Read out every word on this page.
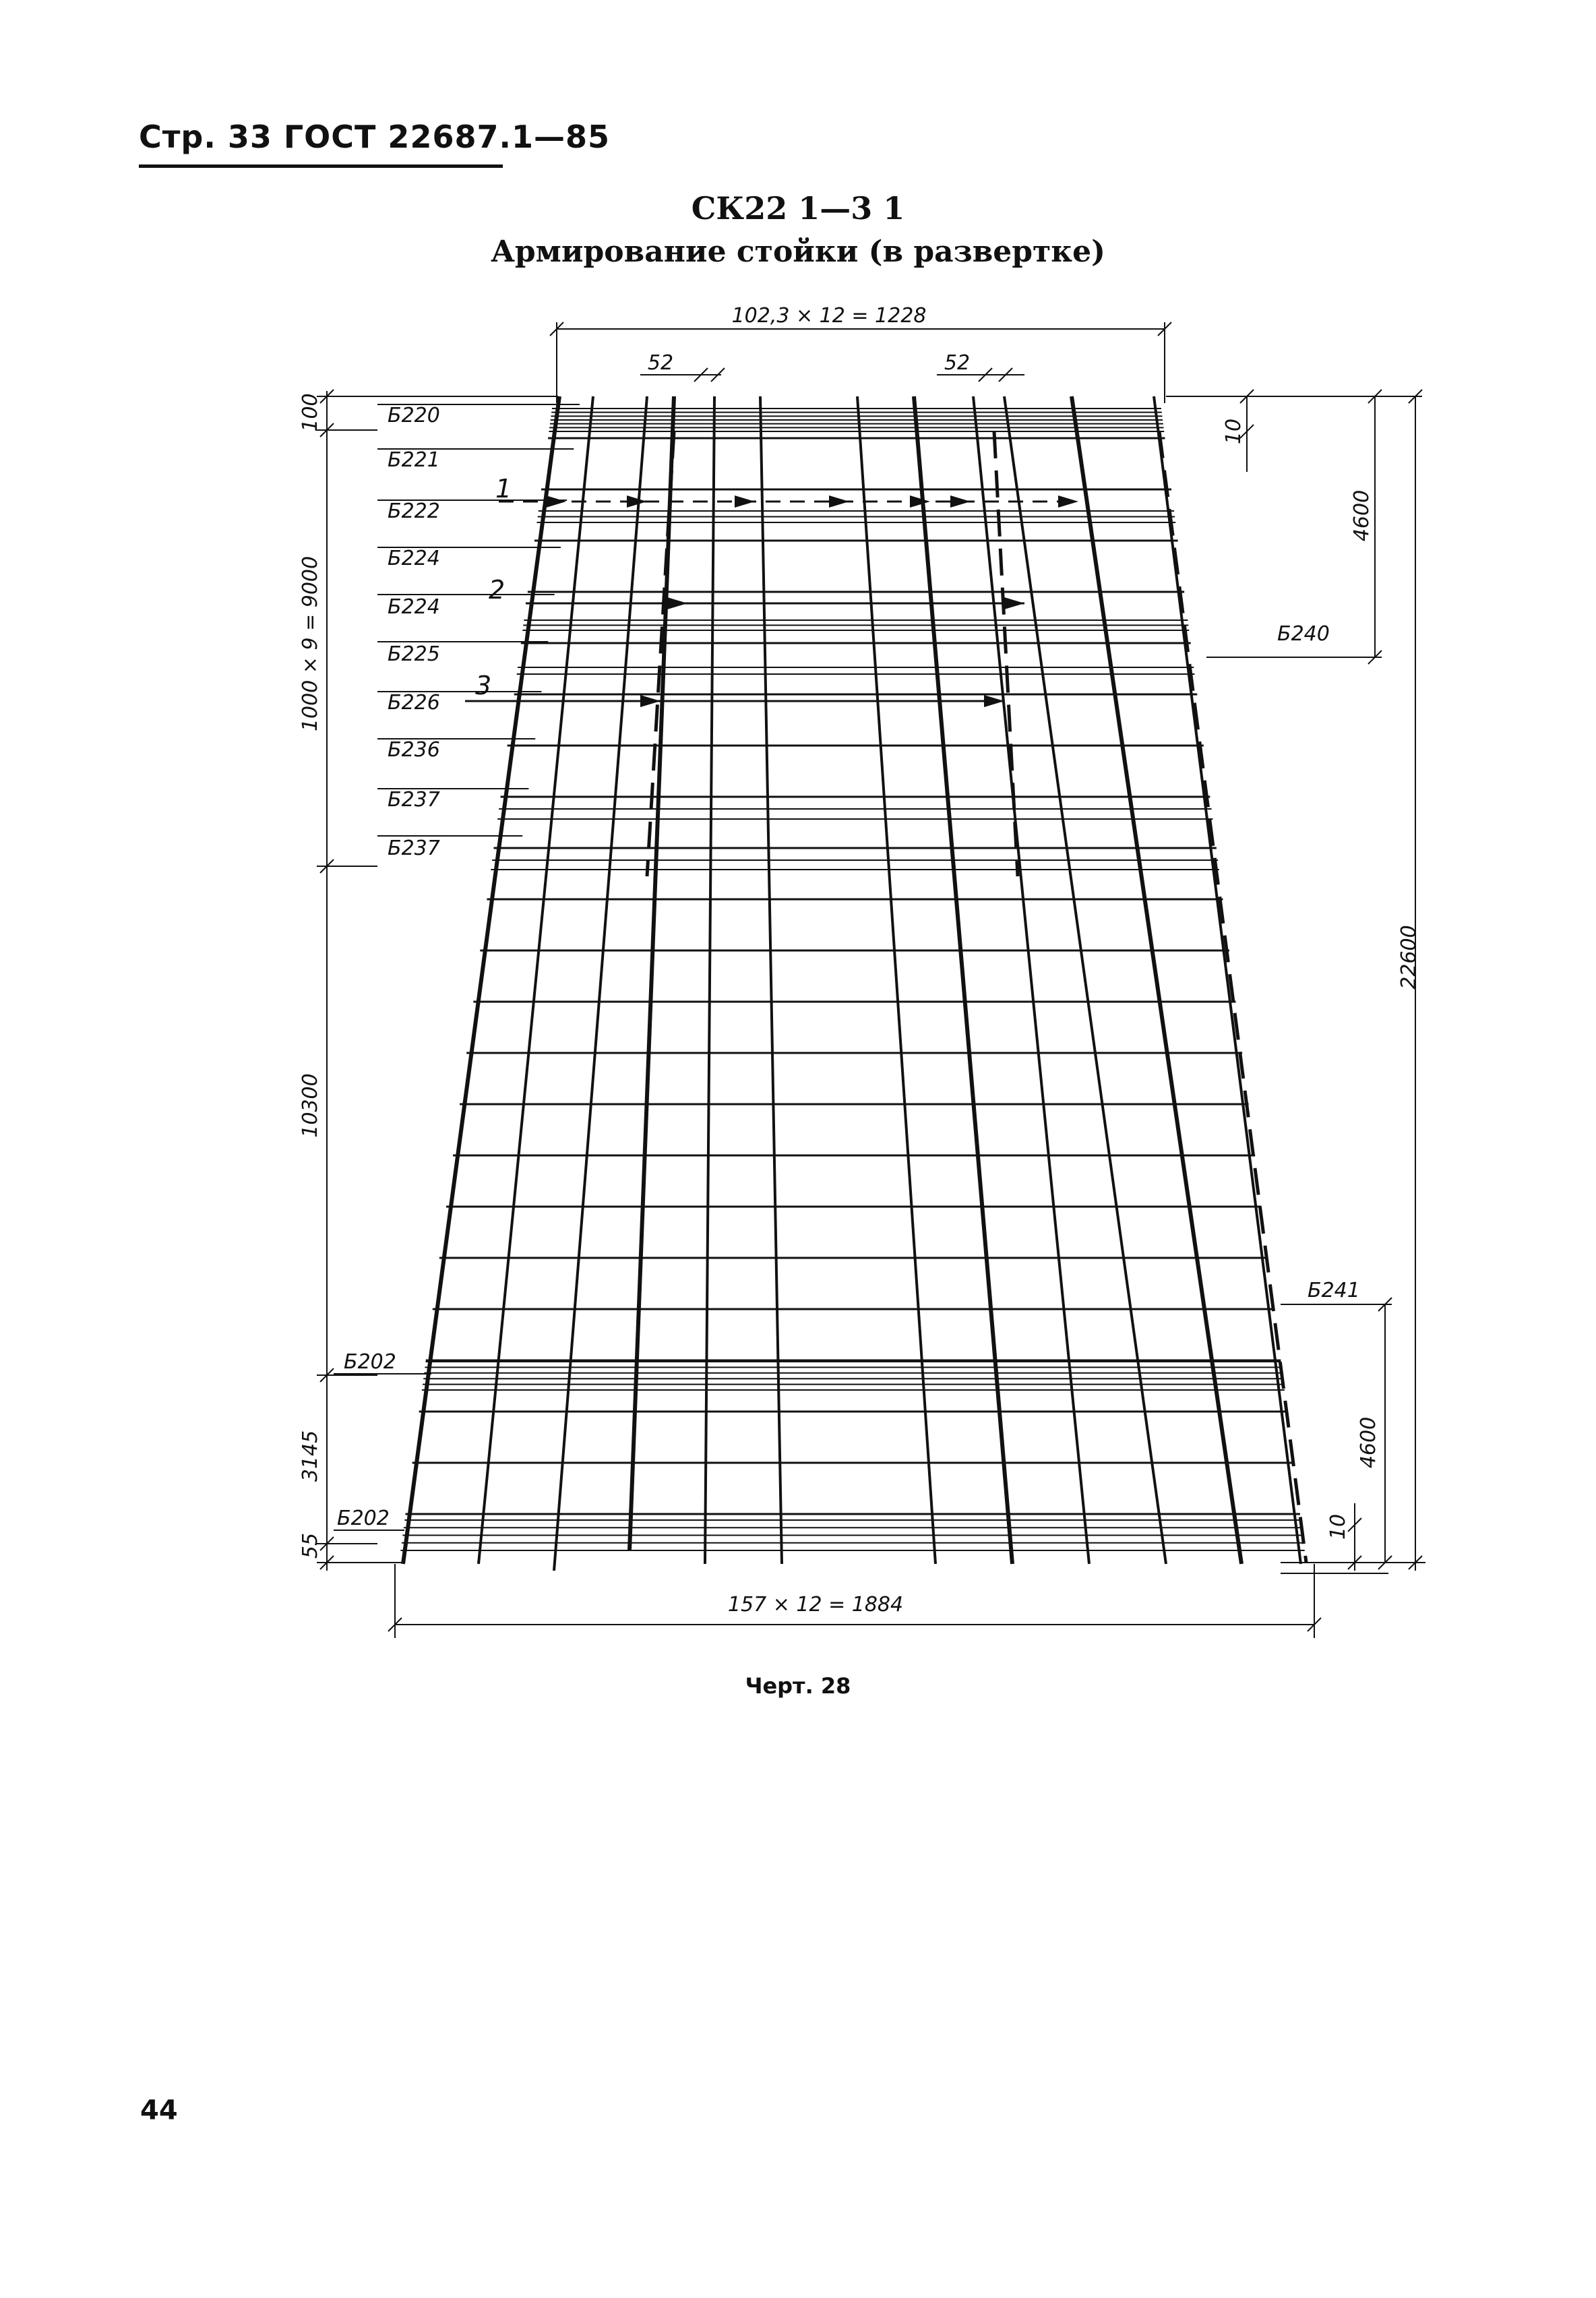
Стр. 33 ГОСТ 22687.1—85
СК22 1—3 1
Армирование стойки (в развертке)
102,3 × 12 = 1228
52	52
100
1000 × 9 = 9000
10300
3145
55
10
4600
22600
4600
10
157 × 12 = 1884
Б220
Б221
Б222
Б224
Б224
Б225
Б226
Б236
Б237
Б237
Б202
Б202
Б240
Б241
1
2
3
Черт. 28
44
